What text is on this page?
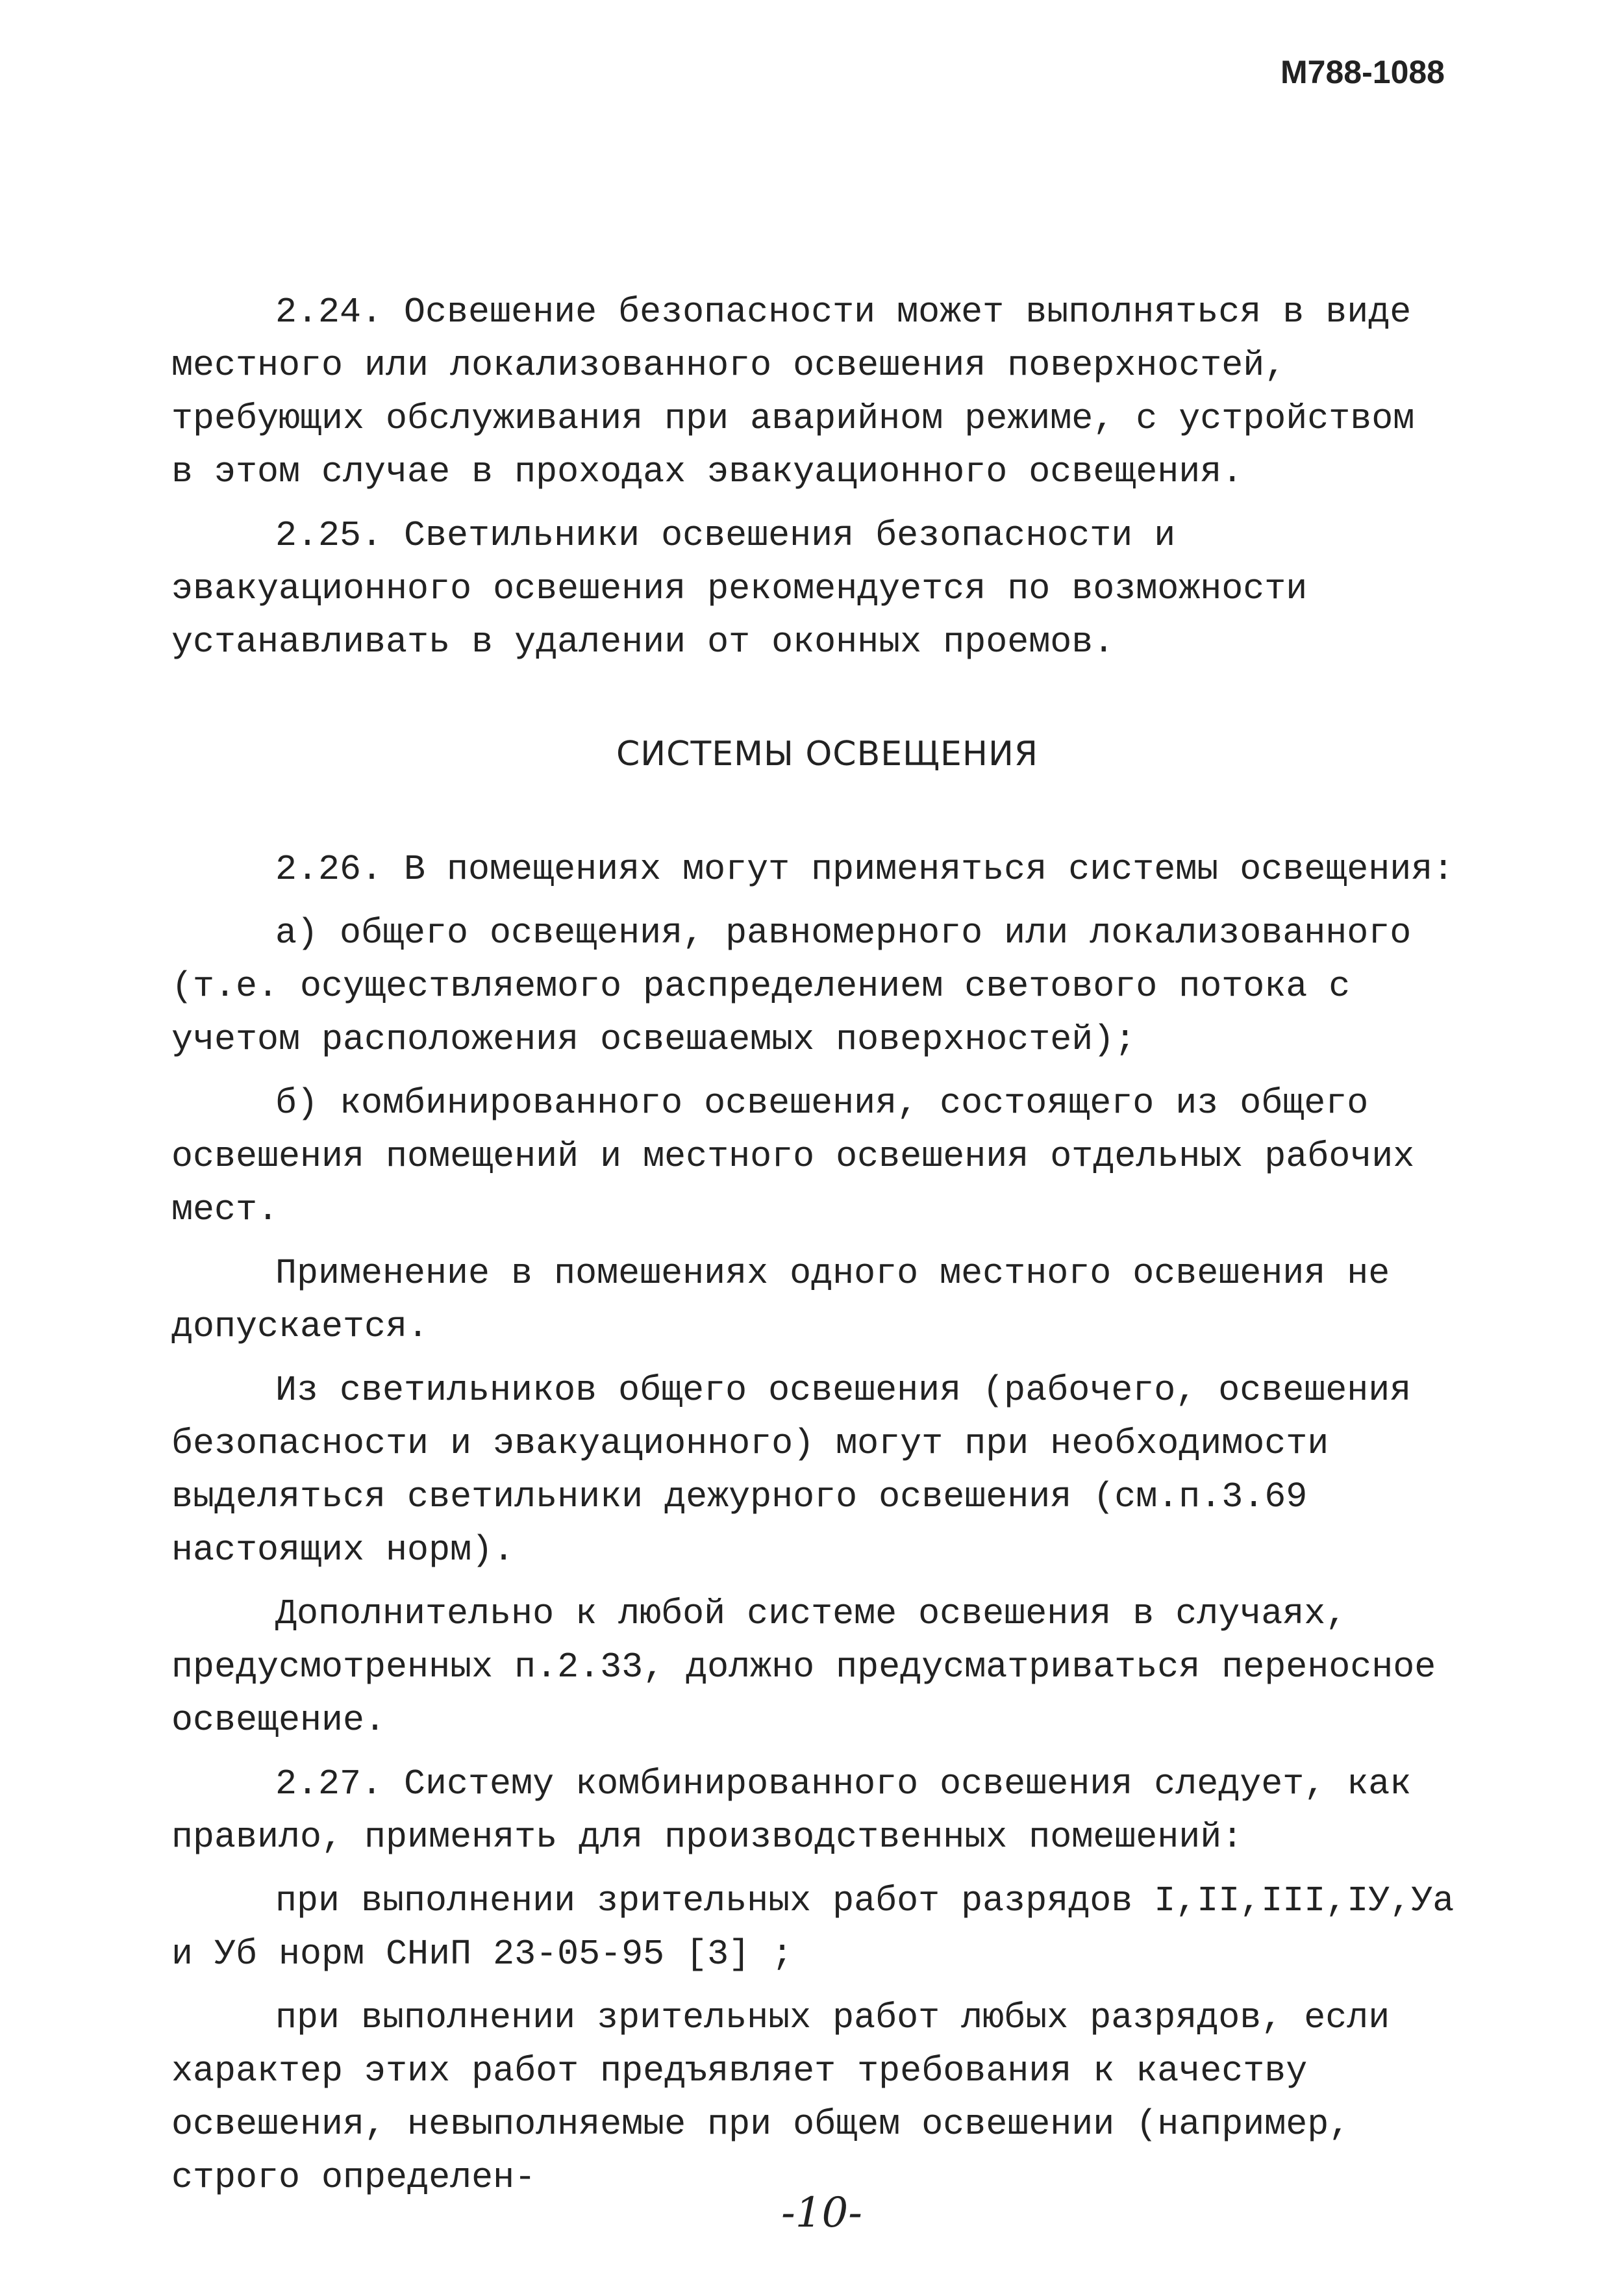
М788-1088

2.24. Освешение безопасности может выполняться в виде местного или локализованного освешения поверхностей, требующих обслуживания при аварийном режиме, с устройством в этом случае в проходах эвакуационного освещения.

2.25. Светильники освешения безопасности и эвакуационного освешения рекомендуется по возможности устанавливать в удалении от оконных проемов.

СИСТЕМЫ ОСВЕЩЕНИЯ

2.26. В помещениях могут применяться системы освещения:

а) общего освещения, равномерного или локализованного (т.е. осуществляемого распределением светового потока с учетом расположения освешаемых поверхностей);

б) комбинированного освешения, состоящего из общего освешения помещений и местного освешения отдельных рабочих мест.

Применение в помешениях одного местного освешения не допускается.

Из светильников общего освешения (рабочего, освешения безопасности и эвакуационного) могут при необходимости выделяться светильники дежурного освешения (см.п.3.69 настоящих норм).

Дополнительно к любой системе освешения в случаях, предусмотренных п.2.33, должно предусматриваться переносное освещение.

2.27. Систему комбинированного освешения следует, как правило, применять для производственных помешений:

при выполнении зрительных работ разрядов I,II,III,IУ,Уа и Уб норм СНиП 23-05-95 [3] ;

при выполнении зрительных работ любых разрядов, если характер этих работ предъявляет требования к качеству освешения, невыполняемые при общем освешении (например, строго определен-

-10-
